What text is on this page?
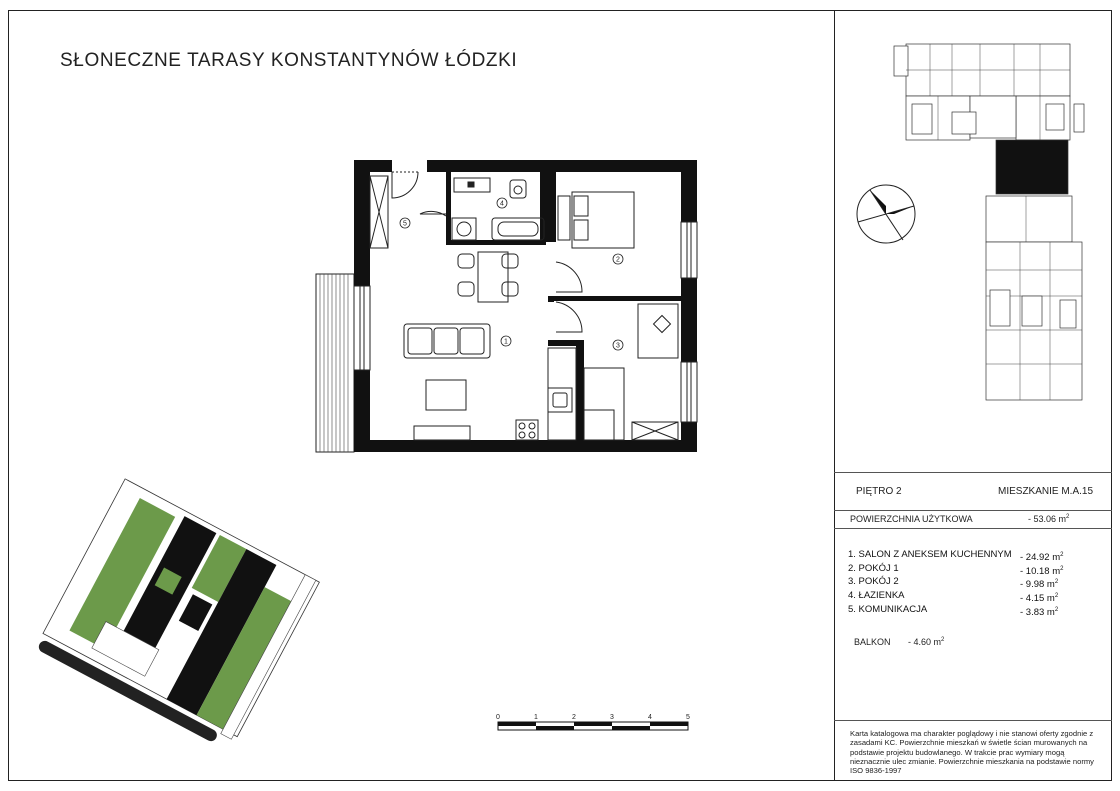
SŁONECZNE TARASY KONSTANTYNÓW ŁÓDZKI
1
2
3
4
5
0	1	2	3	4	5
PIĘTRO 2	MIESZKANIE M.A.15
POWIERZCHNIA UŻYTKOWA	- 53.06 $m^2$
1. SALON Z ANEKSEM KUCHENNYM - 24.92 $m^2$
2. POKÓJ 1	- 10.18 $m^2$
3. POKÓJ 2	- 9.98 $m^2$
4. ŁAZIENKA	- 4.15 $m^2$
5. KOMUNIKACJA	- 3.83 $m^2$
BALKON - 4.60 $m^2$
Karta katalogowa ma charakter poglądowy i nie stanowi oferty zgodnie z zasadami KC. Powierzchnie mieszkań w świetle ścian murowanych na podstawie projektu budowlanego. W trakcie prac wymiary mogą nieznacznie ulec zmianie. Powierzchnie mieszkania na podstawie normy ISO 9836-1997
